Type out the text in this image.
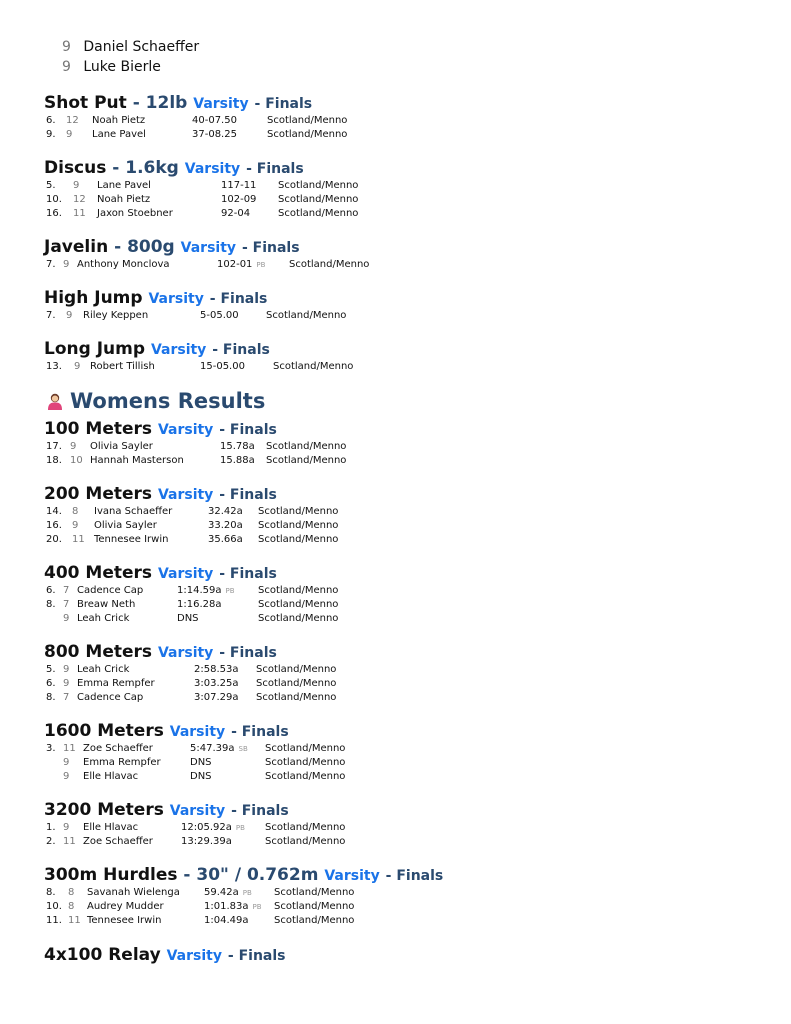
9 Daniel Schaeffer
9 Luke Bierle
Shot Put - 12lb Varsity - Finals
6. 12 Noah Pietz	40-07.50	Scotland/Menno
9. 9 Lane Pavel	37-08.25	Scotland/Menno
Discus - 1.6kg Varsity - Finals
5. 9 Lane Pavel	117-11 Scotland/Menno
10. 12 Noah Pietz	102-09 Scotland/Menno
16. 11 Jaxon Stoebner	92-04	Scotland/Menno
Javelin - 800g Varsity - Finals
7. 9 Anthony Monclova	102-01 PB Scotland/Menno
High Jump Varsity - Finals
7. 9 Riley Keppen	5-05.00	Scotland/Menno
Long Jump Varsity - Finals
13. 9 Robert Tillish	15-05.00	Scotland/Menno
Womens Results
100 Meters Varsity - Finals
17. 9 Olivia Sayler	15.78a Scotland/Menno
18. 10 Hannah Masterson	15.88a Scotland/Menno
200 Meters Varsity - Finals
14. 8 Ivana Schaeffer	32.42a Scotland/Menno
16. 9 Olivia Sayler	33.20a Scotland/Menno
20. 11 Tennesee Irwin	35.66a Scotland/Menno
400 Meters Varsity - Finals
6. 7 Cadence Cap	1:14.59a PB Scotland/Menno
8. 7 Breaw Neth	1:16.28a	Scotland/Menno
9 Leah Crick	DNS	Scotland/Menno
800 Meters Varsity - Finals
5. 9 Leah Crick	2:58.53a Scotland/Menno
6. 9 Emma Rempfer	3:03.25a Scotland/Menno
8. 7 Cadence Cap	3:07.29a Scotland/Menno
1600 Meters Varsity - Finals
3. 11 Zoe Schaeffer	5:47.39a SB Scotland/Menno
9 Emma Rempfer	DNS	Scotland/Menno
9 Elle Hlavac	DNS	Scotland/Menno
3200 Meters Varsity - Finals
1. 9 Elle Hlavac	12:05.92a PB Scotland/Menno
2. 11 Zoe Schaeffer	13:29.39a	Scotland/Menno
300m Hurdles - 30" / 0.762m Varsity - Finals
8. 8 Savanah Wielenga 59.42a PB Scotland/Menno
10. 8 Audrey Mudder	1:01.83a PB Scotland/Menno
11. 11 Tennesee Irwin	1:04.49a	Scotland/Menno
4x100 Relay Varsity - Finals
